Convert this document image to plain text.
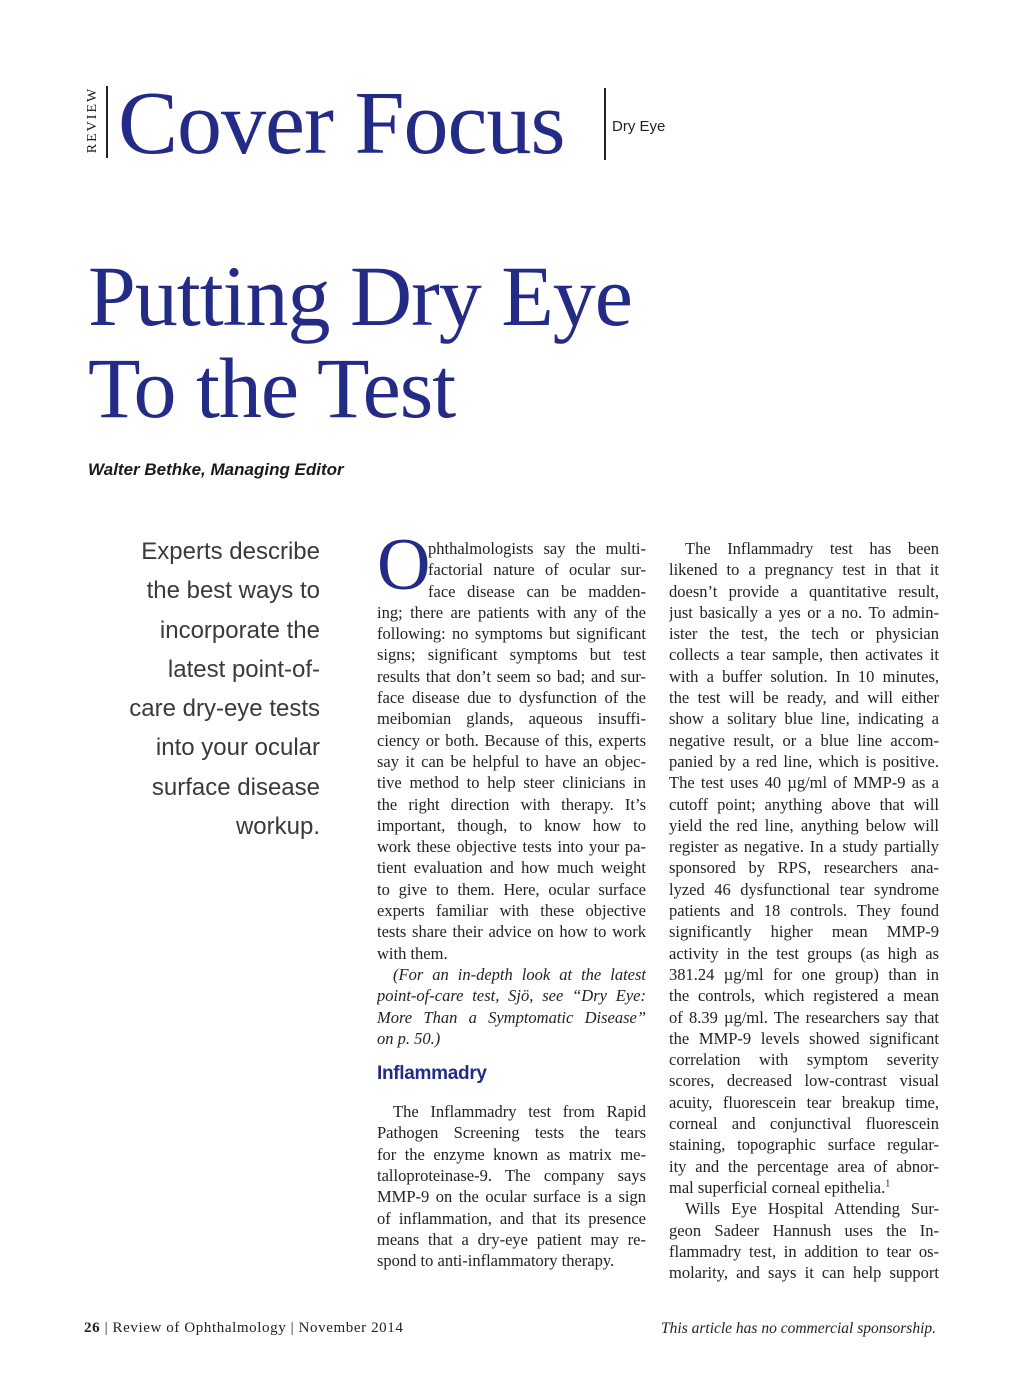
REVIEW Cover Focus	Dry Eye
Putting Dry Eye
To the Test
Walter Bethke, Managing Editor
Experts describe
the best ways to
incorporate the
latest point-of-
care dry-eye tests
into your ocular
surface disease
workup.
O
phthalmologists say the multi-
factorial nature of ocular sur-
face disease can be madden-
ing; there are patients with any of the
following: no symptoms but significant
signs; significant symptoms but test
results that don’t seem so bad; and sur-
face disease due to dysfunction of the
meibomian glands, aqueous insuffi-
ciency or both. Because of this, experts
say it can be helpful to have an objec-
tive method to help steer clinicians in
the right direction with therapy. It’s
important, though, to know how to
work these objective tests into your pa-
tient evaluation and how much weight
to give to them. Here, ocular surface
experts familiar with these objective
tests share their advice on how to work
with them.
(For an in-depth look at the latest
point-of-care test, Sjö, see “Dry Eye:
More Than a Symptomatic Disease”
on p. 50.)
Inflammadry
The Inflammadry test from Rapid
Pathogen Screening tests the tears
for the enzyme known as matrix me-
talloproteinase-9. The company says
MMP-9 on the ocular surface is a sign
of inflammation, and that its presence
means that a dry-eye patient may re-
spond to anti-inflammatory therapy.
The Inflammadry test has been
likened to a pregnancy test in that it
doesn’t provide a quantitative result,
just basically a yes or a no. To admin-
ister the test, the tech or physician
collects a tear sample, then activates it
with a buffer solution. In 10 minutes,
the test will be ready, and will either
show a solitary blue line, indicating a
negative result, or a blue line accom-
panied by a red line, which is positive.
The test uses 40 µg/ml of MMP-9 as a
cutoff point; anything above that will
yield the red line, anything below will
register as negative. In a study partially
sponsored by RPS, researchers ana-
lyzed 46 dysfunctional tear syndrome
patients and 18 controls. They found
significantly higher mean MMP-9
activity in the test groups (as high as
381.24 µg/ml for one group) than in
the controls, which registered a mean
of 8.39 µg/ml. The researchers say that
the MMP-9 levels showed significant
correlation with symptom severity
scores, decreased low-contrast visual
acuity, fluorescein tear breakup time,
corneal and conjunctival fluorescein
staining, topographic surface regular-
ity and the percentage area of abnor-
mal superficial corneal epithelia.$^1$
Wills Eye Hospital Attending Sur-
geon Sadeer Hannush uses the In-
flammadry test, in addition to tear os-
molarity, and says it can help support
26 | Review of Ophthalmology | November 2014	This article has no commercial sponsorship.
